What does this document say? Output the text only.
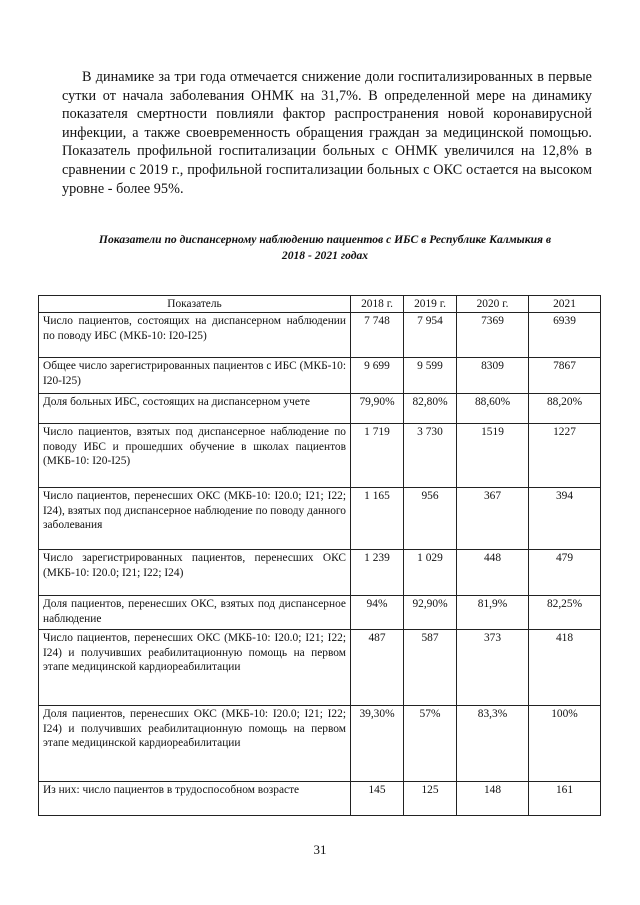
В динамике за три года отмечается снижение доли госпитализированных в первые сутки от начала заболевания ОНМК на 31,7%. В определенной мере на динамику показателя смертности повлияли фактор распространения новой коронавирусной инфекции, а также своевременность обращения граждан за медицинской помощью. Показатель профильной госпитализации больных с ОНМК увеличился на 12,8% в сравнении с 2019 г., профильной госпитализации больных с ОКС остается на высоком уровне - более 95%.

Показатели по диспансерному наблюдению пациентов с ИБС в Республике Калмыкия в
2018 - 2021 годах
Показатель	2018 г.	2019 г.	2020 г.	2021
Число пациентов, состоящих на диспансерном наблюдении по поводу ИБС (МКБ-10: I20-I25)	7 748	7 954	7369	6939
Общее число зарегистрированных пациентов с ИБС (МКБ-10: I20-I25)	9 699	9 599	8309	7867
Доля больных ИБС, состоящих на диспансерном учете	79,90%	82,80%	88,60%	88,20%
Число пациентов, взятых под диспансерное наблюдение по поводу ИБС и прошедших обучение в школах пациентов (МКБ-10: I20-I25)	1 719	3 730	1519	1227
Число пациентов, перенесших ОКС (МКБ-10: I20.0; I21; I22; I24), взятых под диспансерное наблюдение по поводу данного заболевания	1 165	956	367	394
Число зарегистрированных пациентов, перенесших ОКС (МКБ-10: I20.0; I21; I22; I24)	1 239	1 029	448	479
Доля пациентов, перенесших ОКС, взятых под диспансерное наблюдение	94%	92,90%	81,9%	82,25%
Число пациентов, перенесших ОКС (МКБ-10: I20.0; I21; I22; I24) и получивших реабилитационную помощь на первом этапе медицинской кардиореабилитации	487	587	373	418
Доля пациентов, перенесших ОКС (МКБ-10: I20.0; I21; I22; I24) и получивших реабилитационную помощь на первом этапе медицинской кардиореабилитации	39,30%	57%	83,3%	100%
Из них: число пациентов в трудоспособном возрасте	145	125	148	161
31
